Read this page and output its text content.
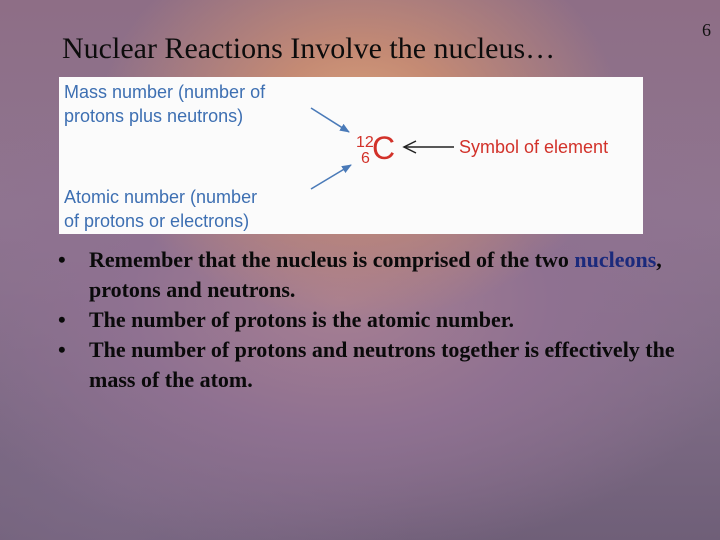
Nuclear Reactions Involve the nucleus…
6
Mass number (number of
protons plus neutrons)
Atomic number (number
of protons or electrons)
12
6 C	Symbol of element
• Remember that the nucleus is comprised of the two nucleons, protons and neutrons.
• The number of protons is the atomic number.
• The number of protons and neutrons together is effectively the mass of the atom.
